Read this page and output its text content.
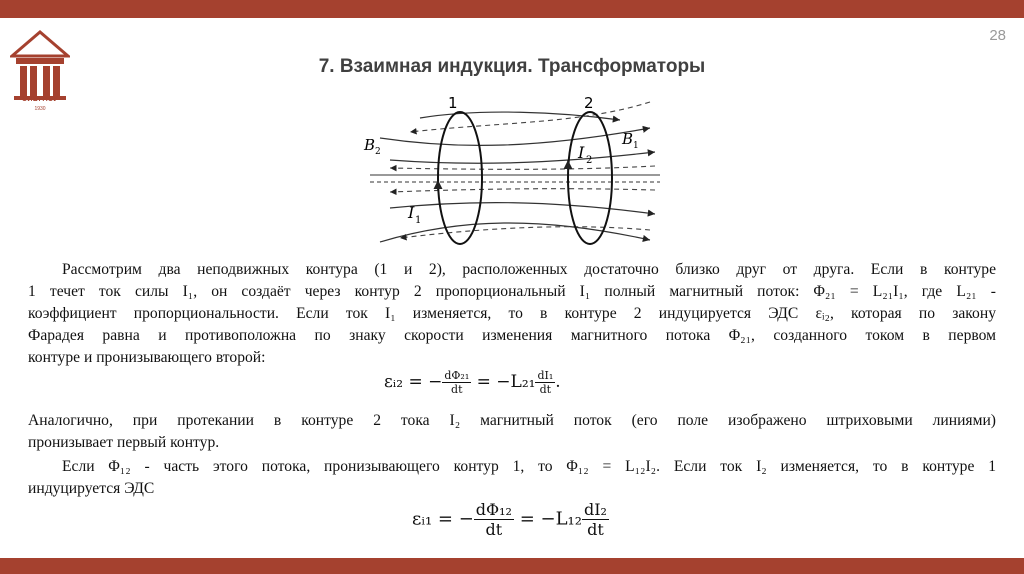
28
СИБГАСУ
1930
7. Взаимная индукция. Трансформаторы
1	2
B 2
B 1
I 1
I 2
Рассмотрим два неподвижных контура (1 и 2), расположенных достаточно близко друг от друга. Если в контуре
1 течет ток силы I₁, он создаёт через контур 2 пропорциональный I₁ полный магнитный поток: Φ₂₁ = L₂₁I₁, где L₂₁ -
коэффициент пропорциональности. Если ток I₁ изменяется, то в контуре 2 индуцируется ЭДС εᵢ₂, которая по закону
Фарадея равна и противоположна по знаку скорости изменения магнитного потока Φ₂₁, созданного током в первом
контуре и пронизывающего второй:
εᵢ₂ = − $\frac{\text{dΦ₂₁}}{dt} = -L_{21} \frac{\text{dI₁}}{dt}$ .
Аналогично, при протекании в контуре 2 тока I₂ магнитный поток (его поле изображено штриховыми линиями)
пронизывает первый контур.
Если Φ₁₂ - часть этого потока, пронизывающего контур 1, то Φ₁₂ = L₁₂I₂. Если ток I₂ изменяется, то в контуре 1
индуцируется ЭДС
εᵢ₁ = − $\frac{\text{dΦ₁₂}}{dt} = -L_{12} \frac{\text{dI₂}}{dt}$
